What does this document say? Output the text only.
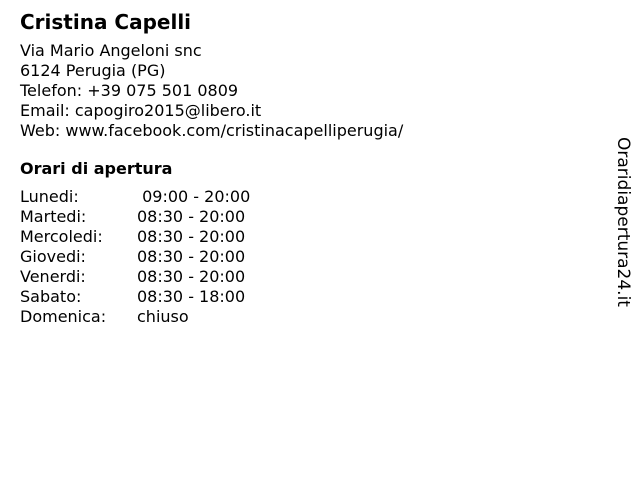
Cristina Capelli
Via Mario Angeloni snc
6124 Perugia (PG)
Telefon: +39 075 501 0809
Email: capogiro2015@libero.it
Web: www.facebook.com/cristinacapelliperugia/
Orari di apertura
Lunedi:	09:00 - 20:00
Martedi:	08:30 - 20:00
Mercoledi:	08:30 - 20:00
Giovedi:	08:30 - 20:00
Venerdi:	08:30 - 20:00
Sabato:	08:30 - 18:00
Domenica:	chiuso
Oraridiapertura24.it
